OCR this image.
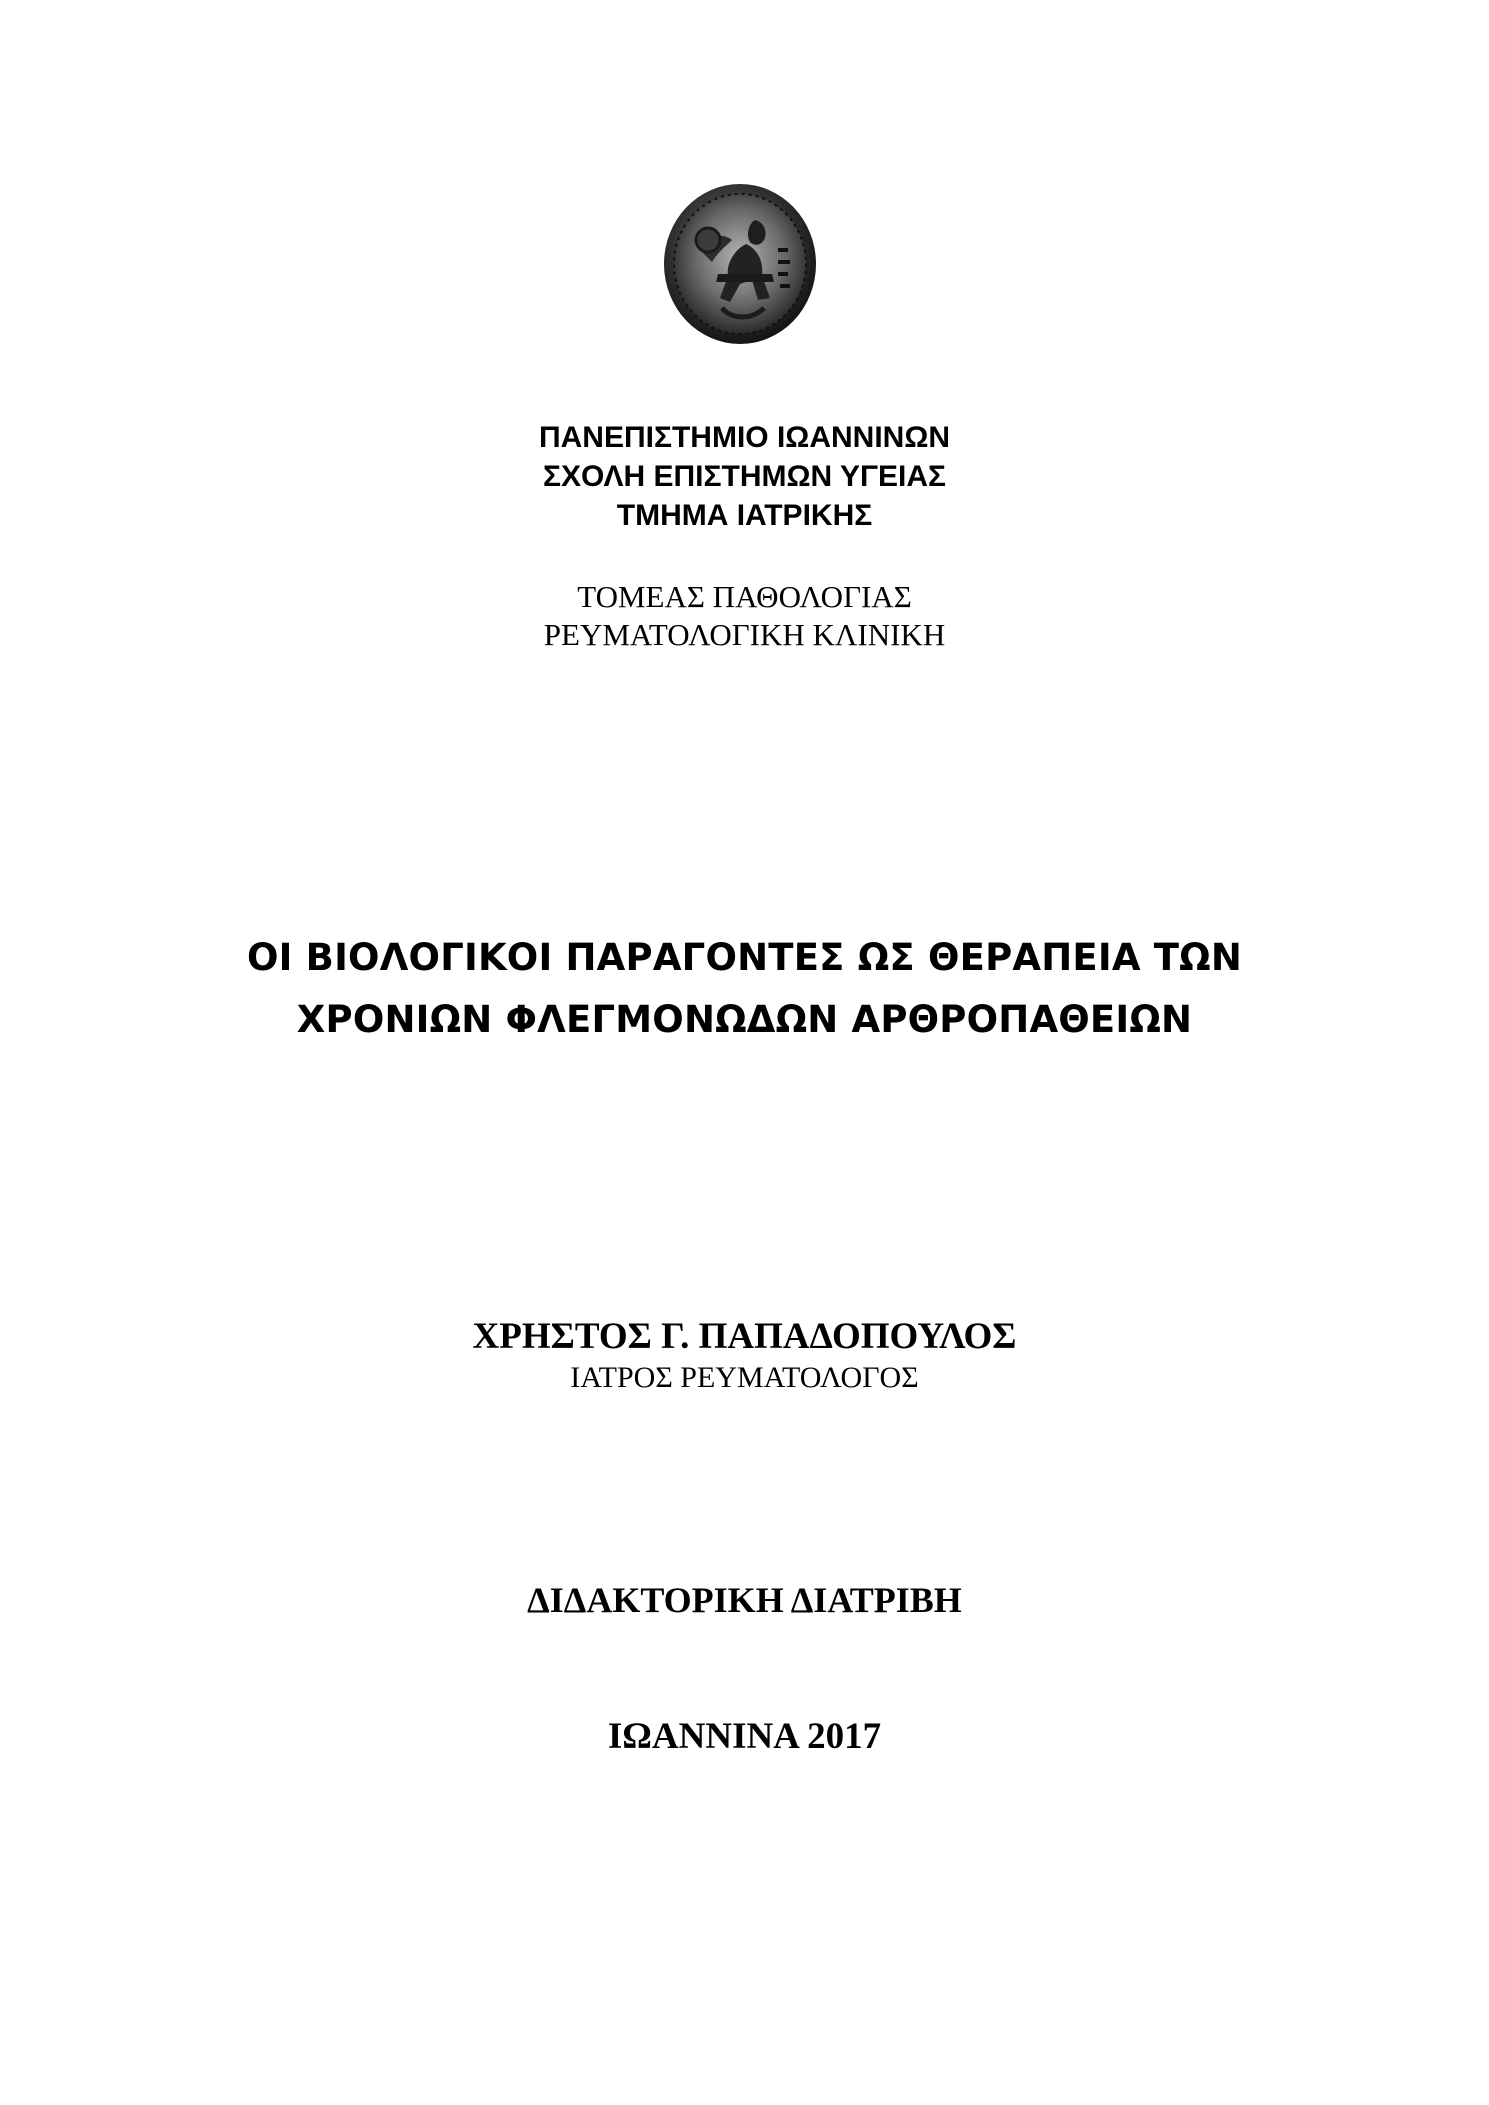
ΠΑΝΕΠΙΣΤΗΜΙΟ ΙΩΑΝΝΙΝΩΝ
ΣΧΟΛΗ ΕΠΙΣΤΗΜΩΝ ΥΓΕΙΑΣ
ΤΜΗΜΑ ΙΑΤΡΙΚΗΣ
ΤΟΜΕΑΣ ΠΑΘΟΛΟΓΙΑΣ
ΡΕΥΜΑΤΟΛΟΓΙΚΗ ΚΛΙΝΙΚΗ
ΟΙ ΒΙΟΛΟΓΙΚΟΙ ΠΑΡΑΓΟΝΤΕΣ ΩΣ ΘΕΡΑΠΕΙΑ ΤΩΝ
ΧΡΟΝΙΩΝ ΦΛΕΓΜΟΝΩΔΩΝ ΑΡΘΡΟΠΑΘΕΙΩΝ
ΧΡΗΣΤΟΣ Γ. ΠΑΠΑΔΟΠΟΥΛΟΣ
ΙΑΤΡΟΣ ΡΕΥΜΑΤΟΛΟΓΟΣ
ΔΙΔΑΚΤΟΡΙΚΗ ΔΙΑΤΡΙΒΗ
ΙΩΑΝΝΙΝΑ 2017
